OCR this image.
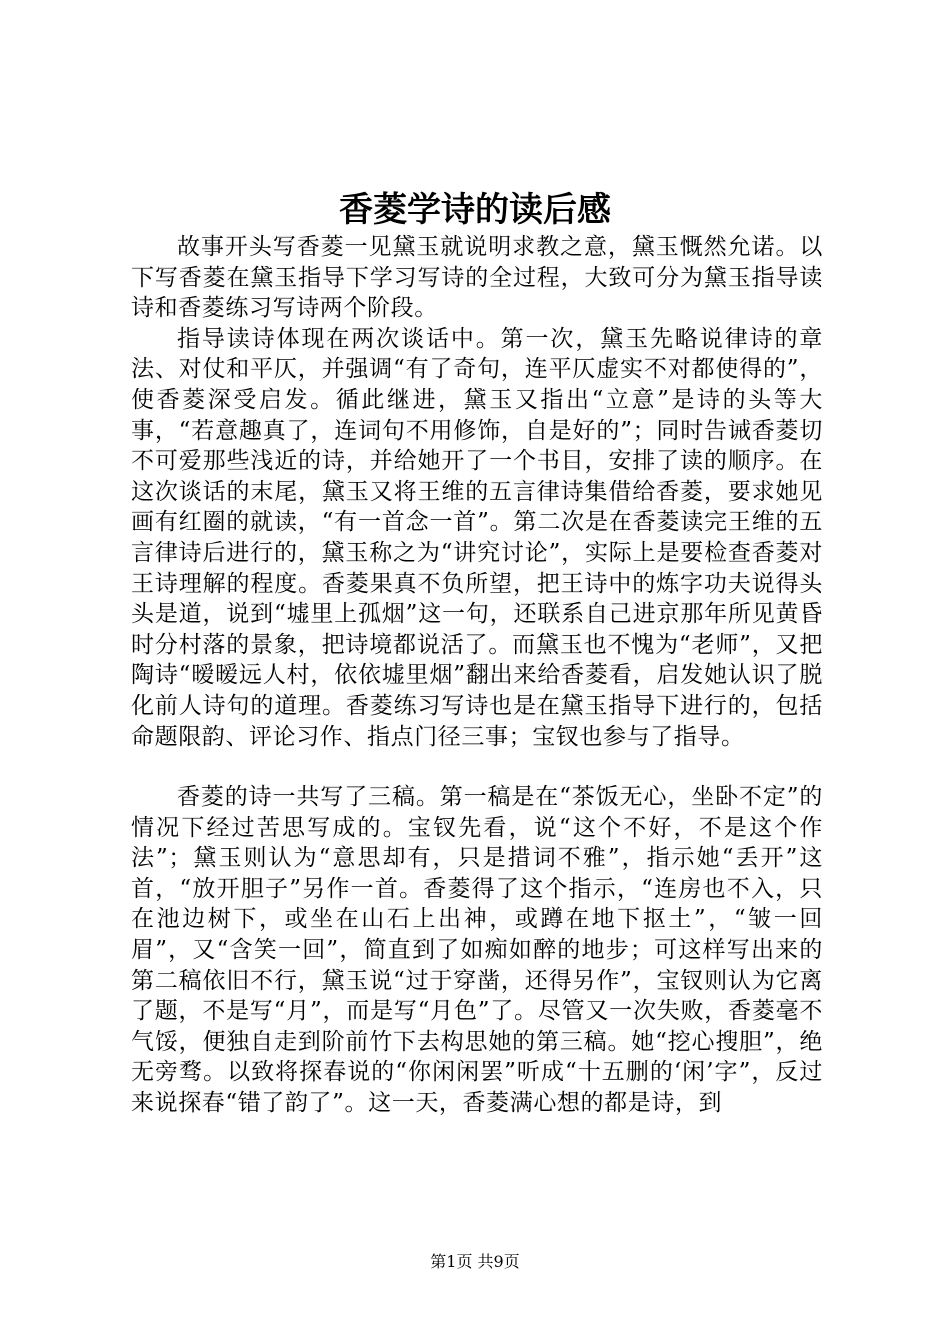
香菱学诗的读后感

故事开头写香菱一见黛玉就说明求教之意，黛玉慨然允诺。以下写香菱在黛玉指导下学习写诗的全过程，大致可分为黛玉指导读诗和香菱练习写诗两个阶段。

指导读诗体现在两次谈话中。第一次，黛玉先略说律诗的章法、对仗和平仄，并强调“有了奇句，连平仄虚实不对都使得的”，使香菱深受启发。循此继进，黛玉又指出“立意”是诗的头等大事，“若意趣真了，连词句不用修饰，自是好的”；同时告诫香菱切不可爱那些浅近的诗，并给她开了一个书目，安排了读的顺序。在这次谈话的末尾，黛玉又将王维的五言律诗集借给香菱，要求她见画有红圈的就读，“有一首念一首”。第二次是在香菱读完王维的五言律诗后进行的，黛玉称之为“讲究讨论”，实际上是要检查香菱对王诗理解的程度。香菱果真不负所望，把王诗中的炼字功夫说得头头是道，说到“墟里上孤烟”这一句，还联系自己进京那年所见黄昏时分村落的景象，把诗境都说活了。而黛玉也不愧为“老师”，又把陶诗“暧暧远人村，依依墟里烟”翻出来给香菱看，启发她认识了脱化前人诗句的道理。香菱练习写诗也是在黛玉指导下进行的，包括命题限韵、评论习作、指点门径三事；宝钗也参与了指导。

香菱的诗一共写了三稿。第一稿是在“茶饭无心，坐卧不定”的情况下经过苦思写成的。宝钗先看，说“这个不好，不是这个作法”；黛玉则认为“意思却有，只是措词不雅”，指示她“丢开”这首，“放开胆子”另作一首。香菱得了这个指示，“连房也不入，只在池边树下，或坐在山石上出神，或蹲在地下抠土”，“皱一回眉”，又“含笑一回”，简直到了如痴如醉的地步；可这样写出来的第二稿依旧不行，黛玉说“过于穿凿，还得另作”，宝钗则认为它离了题，不是写“月”，而是写“月色”了。尽管又一次失败，香菱毫不气馁，便独自走到阶前竹下去构思她的第三稿。她“挖心搜胆”，绝无旁骛。以致将探春说的“你闲闲罢”听成“十五删的‘闲’字”，反过来说探春“错了韵了”。这一天，香菱满心想的都是诗，到

第1页 共9页
